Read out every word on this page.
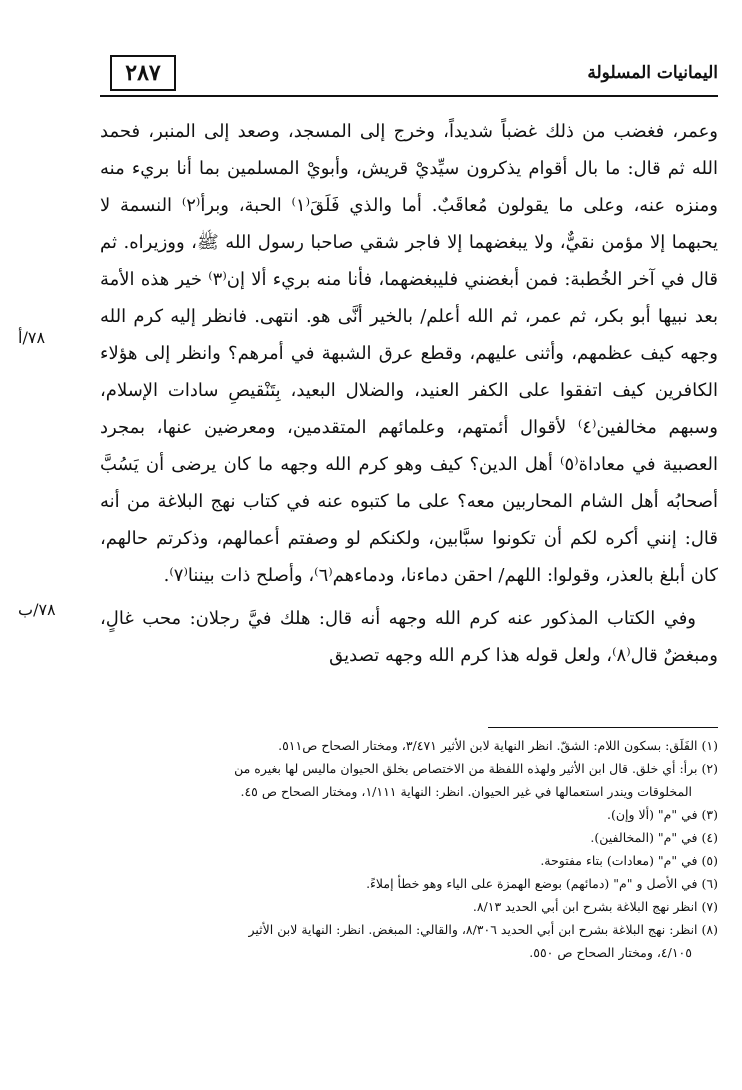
٢٨٧	اليمانيات المسلولة
٧٨/أ
٧٨/ب

وعمر، فغضب من ذلك غضباً شديداً، وخرج إلى المسجد، وصعد إلى المنبر، فحمد الله ثم قال: ما بال أقوام يذكرون سيِّديْ قريش، وأبويْ المسلمين بما أنا بريء منه ومنزه عنه، وعلى ما يقولون مُعاقَبٌ. أما والذي فَلَقَ⁽١⁾ الحبة، وبرأ⁽٢⁾ النسمة لا يحبهما إلا مؤمن نقيٌّ، ولا يبغضهما إلا فاجر شقي صاحبا رسول الله ﷺ، ووزيراه. ثم قال في آخر الخُطبة: فمن أبغضني فليبغضهما، فأنا منه بريء ألا إن⁽٣⁾ خير هذه الأمة بعد نبيها أبو بكر، ثم عمر، ثم الله أعلم/ بالخير أنَّى هو. انتهى. فانظر إليه كرم الله وجهه كيف عظمهم، وأثنى عليهم، وقطع عرق الشبهة في أمرهم؟ وانظر إلى هؤلاء الكافرين كيف اتفقوا على الكفر العنيد، والضلال البعيد، بِتَنْقيصِ سادات الإسلام، وسبهم مخالفين⁽٤⁾ لأقوال أئمتهم، وعلمائهم المتقدمين، ومعرضين عنها، بمجرد العصبية في معاداة⁽٥⁾ أهل الدين؟ كيف وهو كرم الله وجهه ما كان يرضى أن يَسُبَّ أصحابُه أهل الشام المحاربين معه؟ على ما كتبوه عنه في كتاب نهج البلاغة من أنه قال: إنني أكره لكم أن تكونوا سبَّابين، ولكنكم لو وصفتم أعمالهم، وذكرتم حالهم، كان أبلغ بالعذر، وقولوا: اللهم/ احقن دماءنا، ودماءهم⁽٦⁾، وأصلح ذات بيننا⁽٧⁾.

وفي الكتاب المذكور عنه كرم الله وجهه أنه قال: هلك فيَّ رجلان: محب غالٍ، ومبغضٌ قال⁽٨⁾، ولعل قوله هذا كرم الله وجهه تصديق

(١) الفَلَق: بسكون اللام: الشقّ. انظر النهاية لابن الأثير ٣/٤٧١، ومختار الصحاح ص٥١١.
(٢) برأ: أي خلق. قال ابن الأثير ولهذه اللفظة من الاختصاص بخلق الحيوان ماليس لها بغيره من
المخلوقات ويندر استعمالها في غير الحيوان. انظر: النهاية ١/١١١، ومختار الصحاح ص ٤٥.
(٣) في "م" (ألا وإن).
(٤) في "م" (المخالفين).
(٥) في "م" (معادات) بتاء مفتوحة.
(٦) في الأصل و "م" (دمائهم) بوضع الهمزة على الياء وهو خطأ إملاءً.
(٧) انظر نهج البلاغة بشرح ابن أبي الحديد ٨/١٣.
(٨) انظر: نهج البلاغة بشرح ابن أبي الحديد ٨/٣٠٦، والقالي: المبغض. انظر: النهاية لابن الأثير
٤/١٠٥، ومختار الصحاح ص ٥٥٠.
